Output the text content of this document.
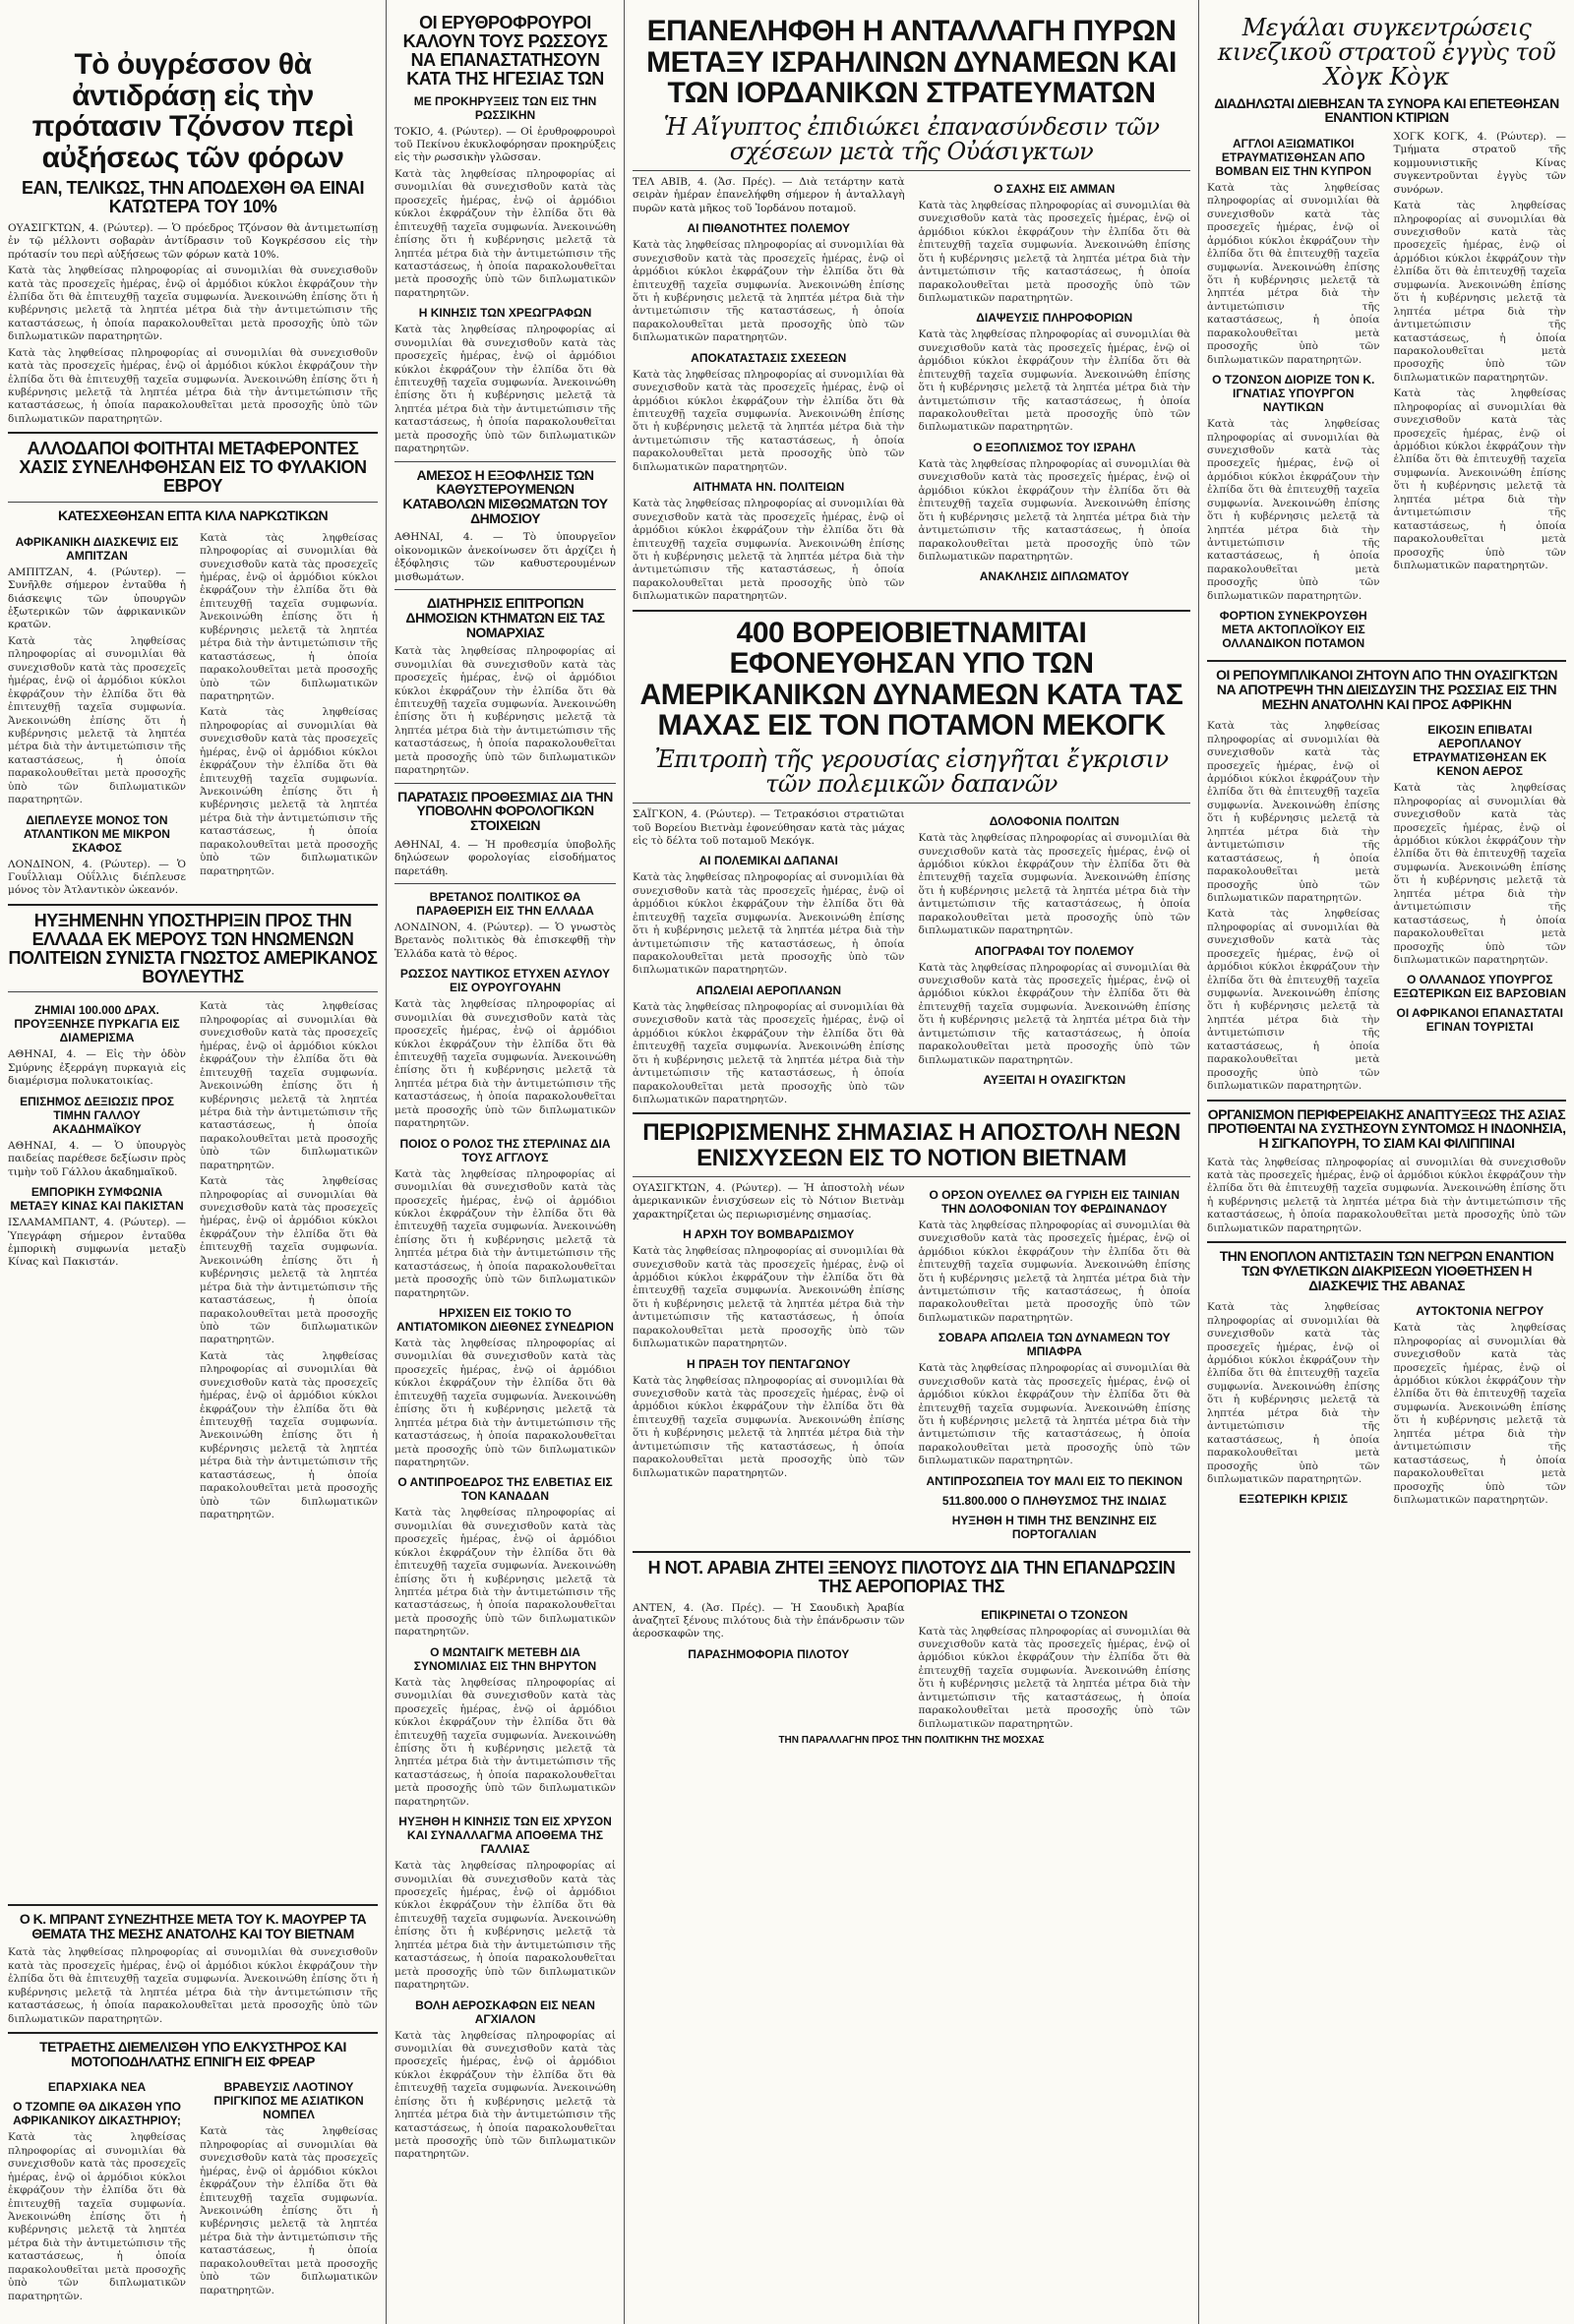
Τὸ ὀυγρέσσον θὰ ἀντιδράσῃ εἰς τὴν πρότασιν Τζόνσον περὶ αὐξήσεως τῶν φόρων
ΕΑΝ, ΤΕΛΙΚΩΣ, ΤΗΝ ΑΠΟΔΕΧΘΗ ΘΑ ΕΙΝΑΙ ΚΑΤΩΤΕΡΑ ΤΟΥ 10%

ΟΥΑΣΙΓΚΤΩΝ, 4. (Ρώυτερ). — Ὁ πρόεδρος Τζόνσον θὰ ἀντιμετωπίσῃ ἐν τῷ μέλλοντι σοβαρὰν ἀντίδρασιν τοῦ Κογκρέσσου εἰς τὴν πρότασίν του περὶ αὐξήσεως τῶν φόρων κατὰ 10%.

Κατὰ τὰς ληφθείσας πληροφορίας αἱ συνομιλίαι θὰ συνεχισθοῦν κατὰ τὰς προσεχεῖς ἡμέρας, ἐνῷ οἱ ἁρμόδιοι κύκλοι ἐκφράζουν τὴν ἐλπίδα ὅτι θὰ ἐπιτευχθῇ ταχεῖα συμφωνία. Ἀνεκοινώθη ἐπίσης ὅτι ἡ κυβέρνησις μελετᾷ τὰ ληπτέα μέτρα διὰ τὴν ἀντιμετώπισιν τῆς καταστάσεως, ἡ ὁποία παρακολουθεῖται μετὰ προσοχῆς ὑπὸ τῶν διπλωματικῶν παρατηρητῶν.

Κατὰ τὰς ληφθείσας πληροφορίας αἱ συνομιλίαι θὰ συνεχισθοῦν κατὰ τὰς προσεχεῖς ἡμέρας, ἐνῷ οἱ ἁρμόδιοι κύκλοι ἐκφράζουν τὴν ἐλπίδα ὅτι θὰ ἐπιτευχθῇ ταχεῖα συμφωνία. Ἀνεκοινώθη ἐπίσης ὅτι ἡ κυβέρνησις μελετᾷ τὰ ληπτέα μέτρα διὰ τὴν ἀντιμετώπισιν τῆς καταστάσεως, ἡ ὁποία παρακολουθεῖται μετὰ προσοχῆς ὑπὸ τῶν διπλωματικῶν παρατηρητῶν.

ΑΛΛΟΔΑΠΟΙ ΦΟΙΤΗΤΑΙ ΜΕΤΑΦΕΡΟΝΤΕΣ ΧΑΣΙΣ ΣΥΝΕΛΗΦΘΗΣΑΝ ΕΙΣ ΤΟ ΦΥΛΑΚΙΟΝ ΕΒΡΟΥ
ΚΑΤΕΣΧΕΘΗΣΑΝ ΕΠΤΑ ΚΙΛΑ ΝΑΡΚΩΤΙΚΩΝ
ΑΦΡΙΚΑΝΙΚΗ ΔΙΑΣΚΕΨΙΣ ΕΙΣ ΑΜΠΙΤΖΑΝ

ΑΜΠΙΤΖΑΝ, 4. (Ρώυτερ). — Συνῆλθε σήμερον ἐνταῦθα ἡ διάσκεψις τῶν ὑπουργῶν ἐξωτερικῶν τῶν ἀφρικανικῶν κρατῶν.

Κατὰ τὰς ληφθείσας πληροφορίας αἱ συνομιλίαι θὰ συνεχισθοῦν κατὰ τὰς προσεχεῖς ἡμέρας, ἐνῷ οἱ ἁρμόδιοι κύκλοι ἐκφράζουν τὴν ἐλπίδα ὅτι θὰ ἐπιτευχθῇ ταχεῖα συμφωνία. Ἀνεκοινώθη ἐπίσης ὅτι ἡ κυβέρνησις μελετᾷ τὰ ληπτέα μέτρα διὰ τὴν ἀντιμετώπισιν τῆς καταστάσεως, ἡ ὁποία παρακολουθεῖται μετὰ προσοχῆς ὑπὸ τῶν διπλωματικῶν παρατηρητῶν.

ΔΙΕΠΛΕΥΣΕ ΜΟΝΟΣ ΤΟΝ ΑΤΛΑΝΤΙΚΟΝ ΜΕ ΜΙΚΡΟΝ ΣΚΑΦΟΣ

ΛΟΝΔΙΝΟΝ, 4. (Ρώυτερ). — Ὁ Γουΐλλιαμ Οὐΐλλις διέπλευσε μόνος τὸν Ἀτλαντικὸν ὠκεανόν.

Κατὰ τὰς ληφθείσας πληροφορίας αἱ συνομιλίαι θὰ συνεχισθοῦν κατὰ τὰς προσεχεῖς ἡμέρας, ἐνῷ οἱ ἁρμόδιοι κύκλοι ἐκφράζουν τὴν ἐλπίδα ὅτι θὰ ἐπιτευχθῇ ταχεῖα συμφωνία. Ἀνεκοινώθη ἐπίσης ὅτι ἡ κυβέρνησις μελετᾷ τὰ ληπτέα μέτρα διὰ τὴν ἀντιμετώπισιν τῆς καταστάσεως, ἡ ὁποία παρακολουθεῖται μετὰ προσοχῆς ὑπὸ τῶν διπλωματικῶν παρατηρητῶν.

Κατὰ τὰς ληφθείσας πληροφορίας αἱ συνομιλίαι θὰ συνεχισθοῦν κατὰ τὰς προσεχεῖς ἡμέρας, ἐνῷ οἱ ἁρμόδιοι κύκλοι ἐκφράζουν τὴν ἐλπίδα ὅτι θὰ ἐπιτευχθῇ ταχεῖα συμφωνία. Ἀνεκοινώθη ἐπίσης ὅτι ἡ κυβέρνησις μελετᾷ τὰ ληπτέα μέτρα διὰ τὴν ἀντιμετώπισιν τῆς καταστάσεως, ἡ ὁποία παρακολουθεῖται μετὰ προσοχῆς ὑπὸ τῶν διπλωματικῶν παρατηρητῶν.

ΗΥΞΗΜΕΝΗΝ ΥΠΟΣΤΗΡΙΞΙΝ ΠΡΟΣ ΤΗΝ ΕΛΛΑΔΑ ΕΚ ΜΕΡΟΥΣ ΤΩΝ ΗΝΩΜΕΝΩΝ ΠΟΛΙΤΕΙΩΝ ΣΥΝΙΣΤΑ ΓΝΩΣΤΟΣ ΑΜΕΡΙΚΑΝΟΣ ΒΟΥΛΕΥΤΗΣ
ΖΗΜΙΑΙ 100.000 ΔΡΑΧ. ΠΡΟΥΞΕΝΗΣΕ ΠΥΡΚΑΓΙΑ ΕΙΣ ΔΙΑΜΕΡΙΣΜΑ

ΑΘΗΝΑΙ, 4. — Εἰς τὴν ὁδὸν Σμύρνης ἐξερράγη πυρκαγιὰ εἰς διαμέρισμα πολυκατοικίας.

ΕΠΙΣΗΜΟΣ ΔΕΞΙΩΣΙΣ ΠΡΟΣ ΤΙΜΗΝ ΓΑΛΛΟΥ ΑΚΑΔΗΜΑΪΚΟΥ

ΑΘΗΝΑΙ, 4. — Ὁ ὑπουργὸς παιδείας παρέθεσε δεξίωσιν πρὸς τιμὴν τοῦ Γάλλου ἀκαδημαϊκοῦ.

ΕΜΠΟΡΙΚΗ ΣΥΜΦΩΝΙΑ ΜΕΤΑΞΥ ΚΙΝΑΣ ΚΑΙ ΠΑΚΙΣΤΑΝ

ΙΣΛΑΜΑΜΠΑΝΤ, 4. (Ρώυτερ). — Ὑπεγράφη σήμερον ἐνταῦθα ἐμπορικὴ συμφωνία μεταξὺ Κίνας καὶ Πακιστάν.

Κατὰ τὰς ληφθείσας πληροφορίας αἱ συνομιλίαι θὰ συνεχισθοῦν κατὰ τὰς προσεχεῖς ἡμέρας, ἐνῷ οἱ ἁρμόδιοι κύκλοι ἐκφράζουν τὴν ἐλπίδα ὅτι θὰ ἐπιτευχθῇ ταχεῖα συμφωνία. Ἀνεκοινώθη ἐπίσης ὅτι ἡ κυβέρνησις μελετᾷ τὰ ληπτέα μέτρα διὰ τὴν ἀντιμετώπισιν τῆς καταστάσεως, ἡ ὁποία παρακολουθεῖται μετὰ προσοχῆς ὑπὸ τῶν διπλωματικῶν παρατηρητῶν.

Κατὰ τὰς ληφθείσας πληροφορίας αἱ συνομιλίαι θὰ συνεχισθοῦν κατὰ τὰς προσεχεῖς ἡμέρας, ἐνῷ οἱ ἁρμόδιοι κύκλοι ἐκφράζουν τὴν ἐλπίδα ὅτι θὰ ἐπιτευχθῇ ταχεῖα συμφωνία. Ἀνεκοινώθη ἐπίσης ὅτι ἡ κυβέρνησις μελετᾷ τὰ ληπτέα μέτρα διὰ τὴν ἀντιμετώπισιν τῆς καταστάσεως, ἡ ὁποία παρακολουθεῖται μετὰ προσοχῆς ὑπὸ τῶν διπλωματικῶν παρατηρητῶν.

Κατὰ τὰς ληφθείσας πληροφορίας αἱ συνομιλίαι θὰ συνεχισθοῦν κατὰ τὰς προσεχεῖς ἡμέρας, ἐνῷ οἱ ἁρμόδιοι κύκλοι ἐκφράζουν τὴν ἐλπίδα ὅτι θὰ ἐπιτευχθῇ ταχεῖα συμφωνία. Ἀνεκοινώθη ἐπίσης ὅτι ἡ κυβέρνησις μελετᾷ τὰ ληπτέα μέτρα διὰ τὴν ἀντιμετώπισιν τῆς καταστάσεως, ἡ ὁποία παρακολουθεῖται μετὰ προσοχῆς ὑπὸ τῶν διπλωματικῶν παρατηρητῶν.

ΟΙ ΕΡΥΘΡΟΦΡΟΥΡΟΙ ΚΑΛΟΥΝ ΤΟΥΣ ΡΩΣΣΟΥΣ ΝΑ ΕΠΑΝΑΣΤΑΤΗΣΟΥΝ ΚΑΤΑ ΤΗΣ ΗΓΕΣΙΑΣ ΤΩΝ
ΜΕ ΠΡΟΚΗΡΥΞΕΙΣ ΤΩΝ ΕΙΣ ΤΗΝ ΡΩΣΣΙΚΗΝ

ΤΟΚΙΟ, 4. (Ρώυτερ). — Οἱ ἐρυθροφρουροὶ τοῦ Πεκίνου ἐκυκλοφόρησαν προκηρύξεις εἰς τὴν ρωσσικὴν γλῶσσαν.

Κατὰ τὰς ληφθείσας πληροφορίας αἱ συνομιλίαι θὰ συνεχισθοῦν κατὰ τὰς προσεχεῖς ἡμέρας, ἐνῷ οἱ ἁρμόδιοι κύκλοι ἐκφράζουν τὴν ἐλπίδα ὅτι θὰ ἐπιτευχθῇ ταχεῖα συμφωνία. Ἀνεκοινώθη ἐπίσης ὅτι ἡ κυβέρνησις μελετᾷ τὰ ληπτέα μέτρα διὰ τὴν ἀντιμετώπισιν τῆς καταστάσεως, ἡ ὁποία παρακολουθεῖται μετὰ προσοχῆς ὑπὸ τῶν διπλωματικῶν παρατηρητῶν.

Η ΚΙΝΗΣΙΣ ΤΩΝ ΧΡΕΩΓΡΑΦΩΝ

Κατὰ τὰς ληφθείσας πληροφορίας αἱ συνομιλίαι θὰ συνεχισθοῦν κατὰ τὰς προσεχεῖς ἡμέρας, ἐνῷ οἱ ἁρμόδιοι κύκλοι ἐκφράζουν τὴν ἐλπίδα ὅτι θὰ ἐπιτευχθῇ ταχεῖα συμφωνία. Ἀνεκοινώθη ἐπίσης ὅτι ἡ κυβέρνησις μελετᾷ τὰ ληπτέα μέτρα διὰ τὴν ἀντιμετώπισιν τῆς καταστάσεως, ἡ ὁποία παρακολουθεῖται μετὰ προσοχῆς ὑπὸ τῶν διπλωματικῶν παρατηρητῶν.

ΑΜΕΣΟΣ Η ΕΞΟΦΛΗΣΙΣ ΤΩΝ ΚΑΘΥΣΤΕΡΟΥΜΕΝΩΝ ΚΑΤΑΒΟΛΩΝ ΜΙΣΘΩΜΑΤΩΝ ΤΟΥ ΔΗΜΟΣΙΟΥ

ΑΘΗΝΑΙ, 4. — Τὸ ὑπουργεῖον οἰκονομικῶν ἀνεκοίνωσεν ὅτι ἀρχίζει ἡ ἐξόφλησις τῶν καθυστερουμένων μισθωμάτων.

ΔΙΑΤΗΡΗΣΙΣ ΕΠΙΤΡΟΠΩΝ ΔΗΜΟΣΙΩΝ ΚΤΗΜΑΤΩΝ ΕΙΣ ΤΑΣ ΝΟΜΑΡΧΙΑΣ

Κατὰ τὰς ληφθείσας πληροφορίας αἱ συνομιλίαι θὰ συνεχισθοῦν κατὰ τὰς προσεχεῖς ἡμέρας, ἐνῷ οἱ ἁρμόδιοι κύκλοι ἐκφράζουν τὴν ἐλπίδα ὅτι θὰ ἐπιτευχθῇ ταχεῖα συμφωνία. Ἀνεκοινώθη ἐπίσης ὅτι ἡ κυβέρνησις μελετᾷ τὰ ληπτέα μέτρα διὰ τὴν ἀντιμετώπισιν τῆς καταστάσεως, ἡ ὁποία παρακολουθεῖται μετὰ προσοχῆς ὑπὸ τῶν διπλωματικῶν παρατηρητῶν.

ΠΑΡΑΤΑΣΙΣ ΠΡΟΘΕΣΜΙΑΣ ΔΙΑ ΤΗΝ ΥΠΟΒΟΛΗΝ ΦΟΡΟΛΟΓΙΚΩΝ ΣΤΟΙΧΕΙΩΝ

ΑΘΗΝΑΙ, 4. — Ἡ προθεσμία ὑποβολῆς δηλώσεων φορολογίας εἰσοδήματος παρετάθη.

ΒΡΕΤΑΝΟΣ ΠΟΛΙΤΙΚΟΣ ΘΑ ΠΑΡΑΘΕΡΙΣΗ ΕΙΣ ΤΗΝ ΕΛΛΑΔΑ

ΛΟΝΔΙΝΟΝ, 4. (Ρώυτερ). — Ὁ γνωστὸς Βρετανὸς πολιτικὸς θὰ ἐπισκεφθῇ τὴν Ἑλλάδα κατὰ τὸ θέρος.

ΡΩΣΣΟΣ ΝΑΥΤΙΚΟΣ ΕΤΥΧΕΝ ΑΣΥΛΟΥ ΕΙΣ ΟΥΡΟΥΓΟΥΑΗΝ

Κατὰ τὰς ληφθείσας πληροφορίας αἱ συνομιλίαι θὰ συνεχισθοῦν κατὰ τὰς προσεχεῖς ἡμέρας, ἐνῷ οἱ ἁρμόδιοι κύκλοι ἐκφράζουν τὴν ἐλπίδα ὅτι θὰ ἐπιτευχθῇ ταχεῖα συμφωνία. Ἀνεκοινώθη ἐπίσης ὅτι ἡ κυβέρνησις μελετᾷ τὰ ληπτέα μέτρα διὰ τὴν ἀντιμετώπισιν τῆς καταστάσεως, ἡ ὁποία παρακολουθεῖται μετὰ προσοχῆς ὑπὸ τῶν διπλωματικῶν παρατηρητῶν.

ΠΟΙΟΣ Ο ΡΟΛΟΣ ΤΗΣ ΣΤΕΡΛΙΝΑΣ ΔΙΑ ΤΟΥΣ ΑΓΓΛΟΥΣ

Κατὰ τὰς ληφθείσας πληροφορίας αἱ συνομιλίαι θὰ συνεχισθοῦν κατὰ τὰς προσεχεῖς ἡμέρας, ἐνῷ οἱ ἁρμόδιοι κύκλοι ἐκφράζουν τὴν ἐλπίδα ὅτι θὰ ἐπιτευχθῇ ταχεῖα συμφωνία. Ἀνεκοινώθη ἐπίσης ὅτι ἡ κυβέρνησις μελετᾷ τὰ ληπτέα μέτρα διὰ τὴν ἀντιμετώπισιν τῆς καταστάσεως, ἡ ὁποία παρακολουθεῖται μετὰ προσοχῆς ὑπὸ τῶν διπλωματικῶν παρατηρητῶν.

ΗΡΧΙΣΕΝ ΕΙΣ ΤΟΚΙΟ ΤΟ ΑΝΤΙΑΤΟΜΙΚΟΝ ΔΙΕΘΝΕΣ ΣΥΝΕΔΡΙΟΝ

Κατὰ τὰς ληφθείσας πληροφορίας αἱ συνομιλίαι θὰ συνεχισθοῦν κατὰ τὰς προσεχεῖς ἡμέρας, ἐνῷ οἱ ἁρμόδιοι κύκλοι ἐκφράζουν τὴν ἐλπίδα ὅτι θὰ ἐπιτευχθῇ ταχεῖα συμφωνία. Ἀνεκοινώθη ἐπίσης ὅτι ἡ κυβέρνησις μελετᾷ τὰ ληπτέα μέτρα διὰ τὴν ἀντιμετώπισιν τῆς καταστάσεως, ἡ ὁποία παρακολουθεῖται μετὰ προσοχῆς ὑπὸ τῶν διπλωματικῶν παρατηρητῶν.

Ο ΑΝΤΙΠΡΟΕΔΡΟΣ ΤΗΣ ΕΛΒΕΤΙΑΣ ΕΙΣ ΤΟΝ ΚΑΝΑΔΑΝ

Κατὰ τὰς ληφθείσας πληροφορίας αἱ συνομιλίαι θὰ συνεχισθοῦν κατὰ τὰς προσεχεῖς ἡμέρας, ἐνῷ οἱ ἁρμόδιοι κύκλοι ἐκφράζουν τὴν ἐλπίδα ὅτι θὰ ἐπιτευχθῇ ταχεῖα συμφωνία. Ἀνεκοινώθη ἐπίσης ὅτι ἡ κυβέρνησις μελετᾷ τὰ ληπτέα μέτρα διὰ τὴν ἀντιμετώπισιν τῆς καταστάσεως, ἡ ὁποία παρακολουθεῖται μετὰ προσοχῆς ὑπὸ τῶν διπλωματικῶν παρατηρητῶν.

Ο ΜΩΝΤΑΙΓΚ ΜΕΤΕΒΗ ΔΙΑ ΣΥΝΟΜΙΛΙΑΣ ΕΙΣ ΤΗΝ ΒΗΡΥΤΟΝ

Κατὰ τὰς ληφθείσας πληροφορίας αἱ συνομιλίαι θὰ συνεχισθοῦν κατὰ τὰς προσεχεῖς ἡμέρας, ἐνῷ οἱ ἁρμόδιοι κύκλοι ἐκφράζουν τὴν ἐλπίδα ὅτι θὰ ἐπιτευχθῇ ταχεῖα συμφωνία. Ἀνεκοινώθη ἐπίσης ὅτι ἡ κυβέρνησις μελετᾷ τὰ ληπτέα μέτρα διὰ τὴν ἀντιμετώπισιν τῆς καταστάσεως, ἡ ὁποία παρακολουθεῖται μετὰ προσοχῆς ὑπὸ τῶν διπλωματικῶν παρατηρητῶν.

ΗΥΞΗΘΗ Η ΚΙΝΗΣΙΣ ΤΩΝ ΕΙΣ ΧΡΥΣΟΝ ΚΑΙ ΣΥΝΑΛΛΑΓΜΑ ΑΠΟΘΕΜΑ ΤΗΣ ΓΑΛΛΙΑΣ

Κατὰ τὰς ληφθείσας πληροφορίας αἱ συνομιλίαι θὰ συνεχισθοῦν κατὰ τὰς προσεχεῖς ἡμέρας, ἐνῷ οἱ ἁρμόδιοι κύκλοι ἐκφράζουν τὴν ἐλπίδα ὅτι θὰ ἐπιτευχθῇ ταχεῖα συμφωνία. Ἀνεκοινώθη ἐπίσης ὅτι ἡ κυβέρνησις μελετᾷ τὰ ληπτέα μέτρα διὰ τὴν ἀντιμετώπισιν τῆς καταστάσεως, ἡ ὁποία παρακολουθεῖται μετὰ προσοχῆς ὑπὸ τῶν διπλωματικῶν παρατηρητῶν.

ΒΟΛΗ ΑΕΡΟΣΚΑΦΩΝ ΕΙΣ ΝΕΑΝ ΑΓΧΙΑΛΟΝ

Κατὰ τὰς ληφθείσας πληροφορίας αἱ συνομιλίαι θὰ συνεχισθοῦν κατὰ τὰς προσεχεῖς ἡμέρας, ἐνῷ οἱ ἁρμόδιοι κύκλοι ἐκφράζουν τὴν ἐλπίδα ὅτι θὰ ἐπιτευχθῇ ταχεῖα συμφωνία. Ἀνεκοινώθη ἐπίσης ὅτι ἡ κυβέρνησις μελετᾷ τὰ ληπτέα μέτρα διὰ τὴν ἀντιμετώπισιν τῆς καταστάσεως, ἡ ὁποία παρακολουθεῖται μετὰ προσοχῆς ὑπὸ τῶν διπλωματικῶν παρατηρητῶν.

ΕΠΑΝΕΛΗΦΘΗ Η ΑΝΤΑΛΛΑΓΗ ΠΥΡΩΝ ΜΕΤΑΞΥ ΙΣΡΑΗΛΙΝΩΝ ΔΥΝΑΜΕΩΝ ΚΑΙ ΤΩΝ ΙΟΡΔΑΝΙΚΩΝ ΣΤΡΑΤΕΥΜΑΤΩΝ
Ἡ Αἴγυπτος ἐπιδιώκει ἐπανασύνδεσιν τῶν σχέσεων μετὰ τῆς Οὐάσιγκτων

ΤΕΛ ΑΒΙΒ, 4. (Ἀσ. Πρές). — Διὰ τετάρτην κατὰ σειρὰν ἡμέραν ἐπανελήφθη σήμερον ἡ ἀνταλλαγὴ πυρῶν κατὰ μῆκος τοῦ Ἰορδάνου ποταμοῦ.

ΑΙ ΠΙΘΑΝΟΤΗΤΕΣ ΠΟΛΕΜΟΥ

Κατὰ τὰς ληφθείσας πληροφορίας αἱ συνομιλίαι θὰ συνεχισθοῦν κατὰ τὰς προσεχεῖς ἡμέρας, ἐνῷ οἱ ἁρμόδιοι κύκλοι ἐκφράζουν τὴν ἐλπίδα ὅτι θὰ ἐπιτευχθῇ ταχεῖα συμφωνία. Ἀνεκοινώθη ἐπίσης ὅτι ἡ κυβέρνησις μελετᾷ τὰ ληπτέα μέτρα διὰ τὴν ἀντιμετώπισιν τῆς καταστάσεως, ἡ ὁποία παρακολουθεῖται μετὰ προσοχῆς ὑπὸ τῶν διπλωματικῶν παρατηρητῶν.

ΑΠΟΚΑΤΑΣΤΑΣΙΣ ΣΧΕΣΕΩΝ

Κατὰ τὰς ληφθείσας πληροφορίας αἱ συνομιλίαι θὰ συνεχισθοῦν κατὰ τὰς προσεχεῖς ἡμέρας, ἐνῷ οἱ ἁρμόδιοι κύκλοι ἐκφράζουν τὴν ἐλπίδα ὅτι θὰ ἐπιτευχθῇ ταχεῖα συμφωνία. Ἀνεκοινώθη ἐπίσης ὅτι ἡ κυβέρνησις μελετᾷ τὰ ληπτέα μέτρα διὰ τὴν ἀντιμετώπισιν τῆς καταστάσεως, ἡ ὁποία παρακολουθεῖται μετὰ προσοχῆς ὑπὸ τῶν διπλωματικῶν παρατηρητῶν.

ΑΙΤΗΜΑΤΑ ΗΝ. ΠΟΛΙΤΕΙΩΝ

Κατὰ τὰς ληφθείσας πληροφορίας αἱ συνομιλίαι θὰ συνεχισθοῦν κατὰ τὰς προσεχεῖς ἡμέρας, ἐνῷ οἱ ἁρμόδιοι κύκλοι ἐκφράζουν τὴν ἐλπίδα ὅτι θὰ ἐπιτευχθῇ ταχεῖα συμφωνία. Ἀνεκοινώθη ἐπίσης ὅτι ἡ κυβέρνησις μελετᾷ τὰ ληπτέα μέτρα διὰ τὴν ἀντιμετώπισιν τῆς καταστάσεως, ἡ ὁποία παρακολουθεῖται μετὰ προσοχῆς ὑπὸ τῶν διπλωματικῶν παρατηρητῶν.

Ο ΣΑΧΗΣ ΕΙΣ ΑΜΜΑΝ

Κατὰ τὰς ληφθείσας πληροφορίας αἱ συνομιλίαι θὰ συνεχισθοῦν κατὰ τὰς προσεχεῖς ἡμέρας, ἐνῷ οἱ ἁρμόδιοι κύκλοι ἐκφράζουν τὴν ἐλπίδα ὅτι θὰ ἐπιτευχθῇ ταχεῖα συμφωνία. Ἀνεκοινώθη ἐπίσης ὅτι ἡ κυβέρνησις μελετᾷ τὰ ληπτέα μέτρα διὰ τὴν ἀντιμετώπισιν τῆς καταστάσεως, ἡ ὁποία παρακολουθεῖται μετὰ προσοχῆς ὑπὸ τῶν διπλωματικῶν παρατηρητῶν.

ΔΙΑΨΕΥΣΙΣ ΠΛΗΡΟΦΟΡΙΩΝ

Κατὰ τὰς ληφθείσας πληροφορίας αἱ συνομιλίαι θὰ συνεχισθοῦν κατὰ τὰς προσεχεῖς ἡμέρας, ἐνῷ οἱ ἁρμόδιοι κύκλοι ἐκφράζουν τὴν ἐλπίδα ὅτι θὰ ἐπιτευχθῇ ταχεῖα συμφωνία. Ἀνεκοινώθη ἐπίσης ὅτι ἡ κυβέρνησις μελετᾷ τὰ ληπτέα μέτρα διὰ τὴν ἀντιμετώπισιν τῆς καταστάσεως, ἡ ὁποία παρακολουθεῖται μετὰ προσοχῆς ὑπὸ τῶν διπλωματικῶν παρατηρητῶν.

Ο ΕΞΟΠΛΙΣΜΟΣ ΤΟΥ ΙΣΡΑΗΛ

Κατὰ τὰς ληφθείσας πληροφορίας αἱ συνομιλίαι θὰ συνεχισθοῦν κατὰ τὰς προσεχεῖς ἡμέρας, ἐνῷ οἱ ἁρμόδιοι κύκλοι ἐκφράζουν τὴν ἐλπίδα ὅτι θὰ ἐπιτευχθῇ ταχεῖα συμφωνία. Ἀνεκοινώθη ἐπίσης ὅτι ἡ κυβέρνησις μελετᾷ τὰ ληπτέα μέτρα διὰ τὴν ἀντιμετώπισιν τῆς καταστάσεως, ἡ ὁποία παρακολουθεῖται μετὰ προσοχῆς ὑπὸ τῶν διπλωματικῶν παρατηρητῶν.

ΑΝΑΚΛΗΣΙΣ ΔΙΠΛΩΜΑΤΟΥ
400 ΒΟΡΕΙΟΒΙΕΤΝΑΜΙΤΑΙ ΕΦΟΝΕΥΘΗΣΑΝ ΥΠΟ ΤΩΝ ΑΜΕΡΙΚΑΝΙΚΩΝ ΔΥΝΑΜΕΩΝ ΚΑΤΑ ΤΑΣ ΜΑΧΑΣ ΕΙΣ ΤΟΝ ΠΟΤΑΜΟΝ ΜΕΚΟΓΚ
Ἐπιτροπὴ τῆς γερουσίας εἰσηγῆται ἔγκρισιν τῶν πολεμικῶν δαπανῶν

ΣΑΪΓΚΟΝ, 4. (Ρώυτερ). — Τετρακόσιοι στρατιῶται τοῦ Βορείου Βιετνὰμ ἐφονεύθησαν κατὰ τὰς μάχας εἰς τὸ δέλτα τοῦ ποταμοῦ Μεκόγκ.

ΑΙ ΠΟΛΕΜΙΚΑΙ ΔΑΠΑΝΑΙ

Κατὰ τὰς ληφθείσας πληροφορίας αἱ συνομιλίαι θὰ συνεχισθοῦν κατὰ τὰς προσεχεῖς ἡμέρας, ἐνῷ οἱ ἁρμόδιοι κύκλοι ἐκφράζουν τὴν ἐλπίδα ὅτι θὰ ἐπιτευχθῇ ταχεῖα συμφωνία. Ἀνεκοινώθη ἐπίσης ὅτι ἡ κυβέρνησις μελετᾷ τὰ ληπτέα μέτρα διὰ τὴν ἀντιμετώπισιν τῆς καταστάσεως, ἡ ὁποία παρακολουθεῖται μετὰ προσοχῆς ὑπὸ τῶν διπλωματικῶν παρατηρητῶν.

ΑΠΩΛΕΙΑΙ ΑΕΡΟΠΛΑΝΩΝ

Κατὰ τὰς ληφθείσας πληροφορίας αἱ συνομιλίαι θὰ συνεχισθοῦν κατὰ τὰς προσεχεῖς ἡμέρας, ἐνῷ οἱ ἁρμόδιοι κύκλοι ἐκφράζουν τὴν ἐλπίδα ὅτι θὰ ἐπιτευχθῇ ταχεῖα συμφωνία. Ἀνεκοινώθη ἐπίσης ὅτι ἡ κυβέρνησις μελετᾷ τὰ ληπτέα μέτρα διὰ τὴν ἀντιμετώπισιν τῆς καταστάσεως, ἡ ὁποία παρακολουθεῖται μετὰ προσοχῆς ὑπὸ τῶν διπλωματικῶν παρατηρητῶν.

ΔΟΛΟΦΟΝΙΑ ΠΟΛΙΤΩΝ

Κατὰ τὰς ληφθείσας πληροφορίας αἱ συνομιλίαι θὰ συνεχισθοῦν κατὰ τὰς προσεχεῖς ἡμέρας, ἐνῷ οἱ ἁρμόδιοι κύκλοι ἐκφράζουν τὴν ἐλπίδα ὅτι θὰ ἐπιτευχθῇ ταχεῖα συμφωνία. Ἀνεκοινώθη ἐπίσης ὅτι ἡ κυβέρνησις μελετᾷ τὰ ληπτέα μέτρα διὰ τὴν ἀντιμετώπισιν τῆς καταστάσεως, ἡ ὁποία παρακολουθεῖται μετὰ προσοχῆς ὑπὸ τῶν διπλωματικῶν παρατηρητῶν.

ΑΠΟΓΡΑΦΑΙ ΤΟΥ ΠΟΛΕΜΟΥ

Κατὰ τὰς ληφθείσας πληροφορίας αἱ συνομιλίαι θὰ συνεχισθοῦν κατὰ τὰς προσεχεῖς ἡμέρας, ἐνῷ οἱ ἁρμόδιοι κύκλοι ἐκφράζουν τὴν ἐλπίδα ὅτι θὰ ἐπιτευχθῇ ταχεῖα συμφωνία. Ἀνεκοινώθη ἐπίσης ὅτι ἡ κυβέρνησις μελετᾷ τὰ ληπτέα μέτρα διὰ τὴν ἀντιμετώπισιν τῆς καταστάσεως, ἡ ὁποία παρακολουθεῖται μετὰ προσοχῆς ὑπὸ τῶν διπλωματικῶν παρατηρητῶν.

ΑΥΞΕΙΤΑΙ Η ΟΥΑΣΙΓΚΤΩΝ
ΠΕΡΙΩΡΙΣΜΕΝΗΣ ΣΗΜΑΣΙΑΣ Η ΑΠΟΣΤΟΛΗ ΝΕΩΝ ΕΝΙΣΧΥΣΕΩΝ ΕΙΣ ΤΟ ΝΟΤΙΟΝ ΒΙΕΤΝΑΜ

ΟΥΑΣΙΓΚΤΩΝ, 4. (Ρώυτερ). — Ἡ ἀποστολὴ νέων ἀμερικανικῶν ἐνισχύσεων εἰς τὸ Νότιον Βιετνὰμ χαρακτηρίζεται ὡς περιωρισμένης σημασίας.

Η ΑΡΧΗ ΤΟΥ ΒΟΜΒΑΡΔΙΣΜΟΥ

Κατὰ τὰς ληφθείσας πληροφορίας αἱ συνομιλίαι θὰ συνεχισθοῦν κατὰ τὰς προσεχεῖς ἡμέρας, ἐνῷ οἱ ἁρμόδιοι κύκλοι ἐκφράζουν τὴν ἐλπίδα ὅτι θὰ ἐπιτευχθῇ ταχεῖα συμφωνία. Ἀνεκοινώθη ἐπίσης ὅτι ἡ κυβέρνησις μελετᾷ τὰ ληπτέα μέτρα διὰ τὴν ἀντιμετώπισιν τῆς καταστάσεως, ἡ ὁποία παρακολουθεῖται μετὰ προσοχῆς ὑπὸ τῶν διπλωματικῶν παρατηρητῶν.

Η ΠΡΑΞΗ ΤΟΥ ΠΕΝΤΑΓΩΝΟΥ

Κατὰ τὰς ληφθείσας πληροφορίας αἱ συνομιλίαι θὰ συνεχισθοῦν κατὰ τὰς προσεχεῖς ἡμέρας, ἐνῷ οἱ ἁρμόδιοι κύκλοι ἐκφράζουν τὴν ἐλπίδα ὅτι θὰ ἐπιτευχθῇ ταχεῖα συμφωνία. Ἀνεκοινώθη ἐπίσης ὅτι ἡ κυβέρνησις μελετᾷ τὰ ληπτέα μέτρα διὰ τὴν ἀντιμετώπισιν τῆς καταστάσεως, ἡ ὁποία παρακολουθεῖται μετὰ προσοχῆς ὑπὸ τῶν διπλωματικῶν παρατηρητῶν.

Ο ΟΡΣΟΝ ΟΥΕΛΛΕΣ ΘΑ ΓΥΡΙΣΗ ΕΙΣ ΤΑΙΝΙΑΝ ΤΗΝ ΔΟΛΟΦΟΝΙΑΝ ΤΟΥ ΦΕΡΔΙΝΑΝΔΟΥ

Κατὰ τὰς ληφθείσας πληροφορίας αἱ συνομιλίαι θὰ συνεχισθοῦν κατὰ τὰς προσεχεῖς ἡμέρας, ἐνῷ οἱ ἁρμόδιοι κύκλοι ἐκφράζουν τὴν ἐλπίδα ὅτι θὰ ἐπιτευχθῇ ταχεῖα συμφωνία. Ἀνεκοινώθη ἐπίσης ὅτι ἡ κυβέρνησις μελετᾷ τὰ ληπτέα μέτρα διὰ τὴν ἀντιμετώπισιν τῆς καταστάσεως, ἡ ὁποία παρακολουθεῖται μετὰ προσοχῆς ὑπὸ τῶν διπλωματικῶν παρατηρητῶν.

ΣΟΒΑΡΑ ΑΠΩΛΕΙΑ ΤΩΝ ΔΥΝΑΜΕΩΝ ΤΟΥ ΜΠΙΑΦΡΑ

Κατὰ τὰς ληφθείσας πληροφορίας αἱ συνομιλίαι θὰ συνεχισθοῦν κατὰ τὰς προσεχεῖς ἡμέρας, ἐνῷ οἱ ἁρμόδιοι κύκλοι ἐκφράζουν τὴν ἐλπίδα ὅτι θὰ ἐπιτευχθῇ ταχεῖα συμφωνία. Ἀνεκοινώθη ἐπίσης ὅτι ἡ κυβέρνησις μελετᾷ τὰ ληπτέα μέτρα διὰ τὴν ἀντιμετώπισιν τῆς καταστάσεως, ἡ ὁποία παρακολουθεῖται μετὰ προσοχῆς ὑπὸ τῶν διπλωματικῶν παρατηρητῶν.

ΑΝΤΙΠΡΟΣΩΠΕΙΑ ΤΟΥ ΜΑΛΙ ΕΙΣ ΤΟ ΠΕΚΙΝΟΝ
511.800.000 Ο ΠΛΗΘΥΣΜΟΣ ΤΗΣ ΙΝΔΙΑΣ
ΗΥΞΗΘΗ Η ΤΙΜΗ ΤΗΣ ΒΕΝΖΙΝΗΣ ΕΙΣ ΠΟΡΤΟΓΑΛΙΑΝ
Η ΝΟΤ. ΑΡΑΒΙΑ ΖΗΤΕΙ ΞΕΝΟΥΣ ΠΙΛΟΤΟΥΣ ΔΙΑ ΤΗΝ ΕΠΑΝΔΡΩΣΙΝ ΤΗΣ ΑΕΡΟΠΟΡΙΑΣ ΤΗΣ

ΑΝΤΕΝ, 4. (Ἀσ. Πρές). — Ἡ Σαουδικὴ Ἀραβία ἀναζητεῖ ξένους πιλότους διὰ τὴν ἐπάνδρωσιν τῶν ἀεροσκαφῶν της.

ΠΑΡΑΣΗΜΟΦΟΡΙΑ ΠΙΛΟΤΟΥ
ΕΠΙΚΡΙΝΕΤΑΙ Ο ΤΖΟΝΣΟΝ

Κατὰ τὰς ληφθείσας πληροφορίας αἱ συνομιλίαι θὰ συνεχισθοῦν κατὰ τὰς προσεχεῖς ἡμέρας, ἐνῷ οἱ ἁρμόδιοι κύκλοι ἐκφράζουν τὴν ἐλπίδα ὅτι θὰ ἐπιτευχθῇ ταχεῖα συμφωνία. Ἀνεκοινώθη ἐπίσης ὅτι ἡ κυβέρνησις μελετᾷ τὰ ληπτέα μέτρα διὰ τὴν ἀντιμετώπισιν τῆς καταστάσεως, ἡ ὁποία παρακολουθεῖται μετὰ προσοχῆς ὑπὸ τῶν διπλωματικῶν παρατηρητῶν.

ΤΗΝ ΠΑΡΑΛΛΑΓΗΝ ΠΡΟΣ ΤΗΝ ΠΟΛΙΤΙΚΗΝ ΤΗΣ ΜΟΣΧΑΣ
Μεγάλαι συγκεντρώσεις κινεζικοῦ στρατοῦ ἐγγὺς τοῦ Χὸγκ Κὸγκ
ΔΙΑΔΗΛΩΤΑΙ ΔΙΕΒΗΣΑΝ ΤΑ ΣΥΝΟΡΑ ΚΑΙ ΕΠΕΤΕΘΗΣΑΝ ΕΝΑΝΤΙΟΝ ΚΤΙΡΙΩΝ
ΑΓΓΛΟΙ ΑΞΙΩΜΑΤΙΚΟΙ ΕΤΡΑΥΜΑΤΙΣΘΗΣΑΝ ΑΠΟ ΒΟΜΒΑΝ ΕΙΣ ΤΗΝ ΚΥΠΡΟΝ

Κατὰ τὰς ληφθείσας πληροφορίας αἱ συνομιλίαι θὰ συνεχισθοῦν κατὰ τὰς προσεχεῖς ἡμέρας, ἐνῷ οἱ ἁρμόδιοι κύκλοι ἐκφράζουν τὴν ἐλπίδα ὅτι θὰ ἐπιτευχθῇ ταχεῖα συμφωνία. Ἀνεκοινώθη ἐπίσης ὅτι ἡ κυβέρνησις μελετᾷ τὰ ληπτέα μέτρα διὰ τὴν ἀντιμετώπισιν τῆς καταστάσεως, ἡ ὁποία παρακολουθεῖται μετὰ προσοχῆς ὑπὸ τῶν διπλωματικῶν παρατηρητῶν.

Ο ΤΖΟΝΣΟΝ ΔΙΟΡΙΖΕ ΤΟΝ Κ. ΙΓΝΑΤΙΑΣ ΥΠΟΥΡΓΟΝ ΝΑΥΤΙΚΩΝ

Κατὰ τὰς ληφθείσας πληροφορίας αἱ συνομιλίαι θὰ συνεχισθοῦν κατὰ τὰς προσεχεῖς ἡμέρας, ἐνῷ οἱ ἁρμόδιοι κύκλοι ἐκφράζουν τὴν ἐλπίδα ὅτι θὰ ἐπιτευχθῇ ταχεῖα συμφωνία. Ἀνεκοινώθη ἐπίσης ὅτι ἡ κυβέρνησις μελετᾷ τὰ ληπτέα μέτρα διὰ τὴν ἀντιμετώπισιν τῆς καταστάσεως, ἡ ὁποία παρακολουθεῖται μετὰ προσοχῆς ὑπὸ τῶν διπλωματικῶν παρατηρητῶν.

ΦΟΡΤΙΟΝ ΣΥΝΕΚΡΟΥΣΘΗ ΜΕΤΑ ΑΚΤΟΠΛΟΪΚΟΥ ΕΙΣ ΟΛΛΑΝΔΙΚΟΝ ΠΟΤΑΜΟΝ

ΧΟΓΚ ΚΟΓΚ, 4. (Ρώυτερ). — Τμήματα στρατοῦ τῆς κομμουνιστικῆς Κίνας συγκεντροῦνται ἐγγὺς τῶν συνόρων.

Κατὰ τὰς ληφθείσας πληροφορίας αἱ συνομιλίαι θὰ συνεχισθοῦν κατὰ τὰς προσεχεῖς ἡμέρας, ἐνῷ οἱ ἁρμόδιοι κύκλοι ἐκφράζουν τὴν ἐλπίδα ὅτι θὰ ἐπιτευχθῇ ταχεῖα συμφωνία. Ἀνεκοινώθη ἐπίσης ὅτι ἡ κυβέρνησις μελετᾷ τὰ ληπτέα μέτρα διὰ τὴν ἀντιμετώπισιν τῆς καταστάσεως, ἡ ὁποία παρακολουθεῖται μετὰ προσοχῆς ὑπὸ τῶν διπλωματικῶν παρατηρητῶν.

Κατὰ τὰς ληφθείσας πληροφορίας αἱ συνομιλίαι θὰ συνεχισθοῦν κατὰ τὰς προσεχεῖς ἡμέρας, ἐνῷ οἱ ἁρμόδιοι κύκλοι ἐκφράζουν τὴν ἐλπίδα ὅτι θὰ ἐπιτευχθῇ ταχεῖα συμφωνία. Ἀνεκοινώθη ἐπίσης ὅτι ἡ κυβέρνησις μελετᾷ τὰ ληπτέα μέτρα διὰ τὴν ἀντιμετώπισιν τῆς καταστάσεως, ἡ ὁποία παρακολουθεῖται μετὰ προσοχῆς ὑπὸ τῶν διπλωματικῶν παρατηρητῶν.

ΟΙ ΡΕΠΟΥΜΠΛΙΚΑΝΟΙ ΖΗΤΟΥΝ ΑΠΟ ΤΗΝ ΟΥΑΣΙΓΚΤΩΝ ΝΑ ΑΠΟΤΡΕΨΗ ΤΗΝ ΔΙΕΙΣΔΥΣΙΝ ΤΗΣ ΡΩΣΣΙΑΣ ΕΙΣ ΤΗΝ ΜΕΣΗΝ ΑΝΑΤΟΛΗΝ ΚΑΙ ΠΡΟΣ ΑΦΡΙΚΗΝ

Κατὰ τὰς ληφθείσας πληροφορίας αἱ συνομιλίαι θὰ συνεχισθοῦν κατὰ τὰς προσεχεῖς ἡμέρας, ἐνῷ οἱ ἁρμόδιοι κύκλοι ἐκφράζουν τὴν ἐλπίδα ὅτι θὰ ἐπιτευχθῇ ταχεῖα συμφωνία. Ἀνεκοινώθη ἐπίσης ὅτι ἡ κυβέρνησις μελετᾷ τὰ ληπτέα μέτρα διὰ τὴν ἀντιμετώπισιν τῆς καταστάσεως, ἡ ὁποία παρακολουθεῖται μετὰ προσοχῆς ὑπὸ τῶν διπλωματικῶν παρατηρητῶν.

Κατὰ τὰς ληφθείσας πληροφορίας αἱ συνομιλίαι θὰ συνεχισθοῦν κατὰ τὰς προσεχεῖς ἡμέρας, ἐνῷ οἱ ἁρμόδιοι κύκλοι ἐκφράζουν τὴν ἐλπίδα ὅτι θὰ ἐπιτευχθῇ ταχεῖα συμφωνία. Ἀνεκοινώθη ἐπίσης ὅτι ἡ κυβέρνησις μελετᾷ τὰ ληπτέα μέτρα διὰ τὴν ἀντιμετώπισιν τῆς καταστάσεως, ἡ ὁποία παρακολουθεῖται μετὰ προσοχῆς ὑπὸ τῶν διπλωματικῶν παρατηρητῶν.

ΕΙΚΟΣΙΝ ΕΠΙΒΑΤΑΙ ΑΕΡΟΠΛΑΝΟΥ ΕΤΡΑΥΜΑΤΙΣΘΗΣΑΝ ΕΚ ΚΕΝΟΝ ΑΕΡΟΣ

Κατὰ τὰς ληφθείσας πληροφορίας αἱ συνομιλίαι θὰ συνεχισθοῦν κατὰ τὰς προσεχεῖς ἡμέρας, ἐνῷ οἱ ἁρμόδιοι κύκλοι ἐκφράζουν τὴν ἐλπίδα ὅτι θὰ ἐπιτευχθῇ ταχεῖα συμφωνία. Ἀνεκοινώθη ἐπίσης ὅτι ἡ κυβέρνησις μελετᾷ τὰ ληπτέα μέτρα διὰ τὴν ἀντιμετώπισιν τῆς καταστάσεως, ἡ ὁποία παρακολουθεῖται μετὰ προσοχῆς ὑπὸ τῶν διπλωματικῶν παρατηρητῶν.

Ο ΟΛΛΑΝΔΟΣ ΥΠΟΥΡΓΟΣ ΕΞΩΤΕΡΙΚΩΝ ΕΙΣ ΒΑΡΣΟΒΙΑΝ
ΟΙ ΑΦΡΙΚΑΝΟΙ ΕΠΑΝΑΣΤΑΤΑΙ ΕΓΙΝΑΝ ΤΟΥΡΙΣΤΑΙ
ΟΡΓΑΝΙΣΜΟΝ ΠΕΡΙΦΕΡΕΙΑΚΗΣ ΑΝΑΠΤΥΞΕΩΣ ΤΗΣ ΑΣΙΑΣ ΠΡΟΤΙΘΕΝΤΑΙ ΝΑ ΣΥΣΤΗΣΟΥΝ ΣΥΝΤΟΜΩΣ Η ΙΝΔΟΝΗΣΙΑ, Η ΣΙΓΚΑΠΟΥΡΗ, ΤΟ ΣΙΑΜ ΚΑΙ ΦΙΛΙΠΠΙΝΑΙ

Κατὰ τὰς ληφθείσας πληροφορίας αἱ συνομιλίαι θὰ συνεχισθοῦν κατὰ τὰς προσεχεῖς ἡμέρας, ἐνῷ οἱ ἁρμόδιοι κύκλοι ἐκφράζουν τὴν ἐλπίδα ὅτι θὰ ἐπιτευχθῇ ταχεῖα συμφωνία. Ἀνεκοινώθη ἐπίσης ὅτι ἡ κυβέρνησις μελετᾷ τὰ ληπτέα μέτρα διὰ τὴν ἀντιμετώπισιν τῆς καταστάσεως, ἡ ὁποία παρακολουθεῖται μετὰ προσοχῆς ὑπὸ τῶν διπλωματικῶν παρατηρητῶν.

ΤΗΝ ΕΝΟΠΛΟΝ ΑΝΤΙΣΤΑΣΙΝ ΤΩΝ ΝΕΓΡΩΝ ΕΝΑΝΤΙΟΝ ΤΩΝ ΦΥΛΕΤΙΚΩΝ ΔΙΑΚΡΙΣΕΩΝ ΥΙΟΘΕΤΗΣΕΝ Η ΔΙΑΣΚΕΨΙΣ ΤΗΣ ΑΒΑΝΑΣ

Κατὰ τὰς ληφθείσας πληροφορίας αἱ συνομιλίαι θὰ συνεχισθοῦν κατὰ τὰς προσεχεῖς ἡμέρας, ἐνῷ οἱ ἁρμόδιοι κύκλοι ἐκφράζουν τὴν ἐλπίδα ὅτι θὰ ἐπιτευχθῇ ταχεῖα συμφωνία. Ἀνεκοινώθη ἐπίσης ὅτι ἡ κυβέρνησις μελετᾷ τὰ ληπτέα μέτρα διὰ τὴν ἀντιμετώπισιν τῆς καταστάσεως, ἡ ὁποία παρακολουθεῖται μετὰ προσοχῆς ὑπὸ τῶν διπλωματικῶν παρατηρητῶν.

ΕΞΩΤΕΡΙΚΗ ΚΡΙΣΙΣ
ΑΥΤΟΚΤΟΝΙΑ ΝΕΓΡΟΥ

Κατὰ τὰς ληφθείσας πληροφορίας αἱ συνομιλίαι θὰ συνεχισθοῦν κατὰ τὰς προσεχεῖς ἡμέρας, ἐνῷ οἱ ἁρμόδιοι κύκλοι ἐκφράζουν τὴν ἐλπίδα ὅτι θὰ ἐπιτευχθῇ ταχεῖα συμφωνία. Ἀνεκοινώθη ἐπίσης ὅτι ἡ κυβέρνησις μελετᾷ τὰ ληπτέα μέτρα διὰ τὴν ἀντιμετώπισιν τῆς καταστάσεως, ἡ ὁποία παρακολουθεῖται μετὰ προσοχῆς ὑπὸ τῶν διπλωματικῶν παρατηρητῶν.

Ο Κ. ΜΠΡΑΝΤ ΣΥΝΕΖΗΤΗΣΕ ΜΕΤΑ ΤΟΥ Κ. ΜΑΟΥΡΕΡ ΤΑ ΘΕΜΑΤΑ ΤΗΣ ΜΕΣΗΣ ΑΝΑΤΟΛΗΣ ΚΑΙ ΤΟΥ ΒΙΕΤΝΑΜ

Κατὰ τὰς ληφθείσας πληροφορίας αἱ συνομιλίαι θὰ συνεχισθοῦν κατὰ τὰς προσεχεῖς ἡμέρας, ἐνῷ οἱ ἁρμόδιοι κύκλοι ἐκφράζουν τὴν ἐλπίδα ὅτι θὰ ἐπιτευχθῇ ταχεῖα συμφωνία. Ἀνεκοινώθη ἐπίσης ὅτι ἡ κυβέρνησις μελετᾷ τὰ ληπτέα μέτρα διὰ τὴν ἀντιμετώπισιν τῆς καταστάσεως, ἡ ὁποία παρακολουθεῖται μετὰ προσοχῆς ὑπὸ τῶν διπλωματικῶν παρατηρητῶν.

ΤΕΤΡΑΕΤΗΣ ΔΙΕΜΕΛΙΣΘΗ ΥΠΟ ΕΛΚΥΣΤΗΡΟΣ ΚΑΙ ΜΟΤΟΠΟΔΗΛΑΤΗΣ ΕΠΝΙΓΗ ΕΙΣ ΦΡΕΑΡ
ΕΠΑΡΧΙΑΚΑ ΝΕΑ
Ο ΤΖΟΜΠΕ ΘΑ ΔΙΚΑΣΘΗ ΥΠΟ ΑΦΡΙΚΑΝΙΚΟΥ ΔΙΚΑΣΤΗΡΙΟΥ;

Κατὰ τὰς ληφθείσας πληροφορίας αἱ συνομιλίαι θὰ συνεχισθοῦν κατὰ τὰς προσεχεῖς ἡμέρας, ἐνῷ οἱ ἁρμόδιοι κύκλοι ἐκφράζουν τὴν ἐλπίδα ὅτι θὰ ἐπιτευχθῇ ταχεῖα συμφωνία. Ἀνεκοινώθη ἐπίσης ὅτι ἡ κυβέρνησις μελετᾷ τὰ ληπτέα μέτρα διὰ τὴν ἀντιμετώπισιν τῆς καταστάσεως, ἡ ὁποία παρακολουθεῖται μετὰ προσοχῆς ὑπὸ τῶν διπλωματικῶν παρατηρητῶν.

ΒΡΑΒΕΥΣΙΣ ΛΑΟΤΙΝΟΥ ΠΡΙΓΚΙΠΟΣ ΜΕ ΑΣΙΑΤΙΚΟΝ ΝΟΜΠΕΛ

Κατὰ τὰς ληφθείσας πληροφορίας αἱ συνομιλίαι θὰ συνεχισθοῦν κατὰ τὰς προσεχεῖς ἡμέρας, ἐνῷ οἱ ἁρμόδιοι κύκλοι ἐκφράζουν τὴν ἐλπίδα ὅτι θὰ ἐπιτευχθῇ ταχεῖα συμφωνία. Ἀνεκοινώθη ἐπίσης ὅτι ἡ κυβέρνησις μελετᾷ τὰ ληπτέα μέτρα διὰ τὴν ἀντιμετώπισιν τῆς καταστάσεως, ἡ ὁποία παρακολουθεῖται μετὰ προσοχῆς ὑπὸ τῶν διπλωματικῶν παρατηρητῶν.
